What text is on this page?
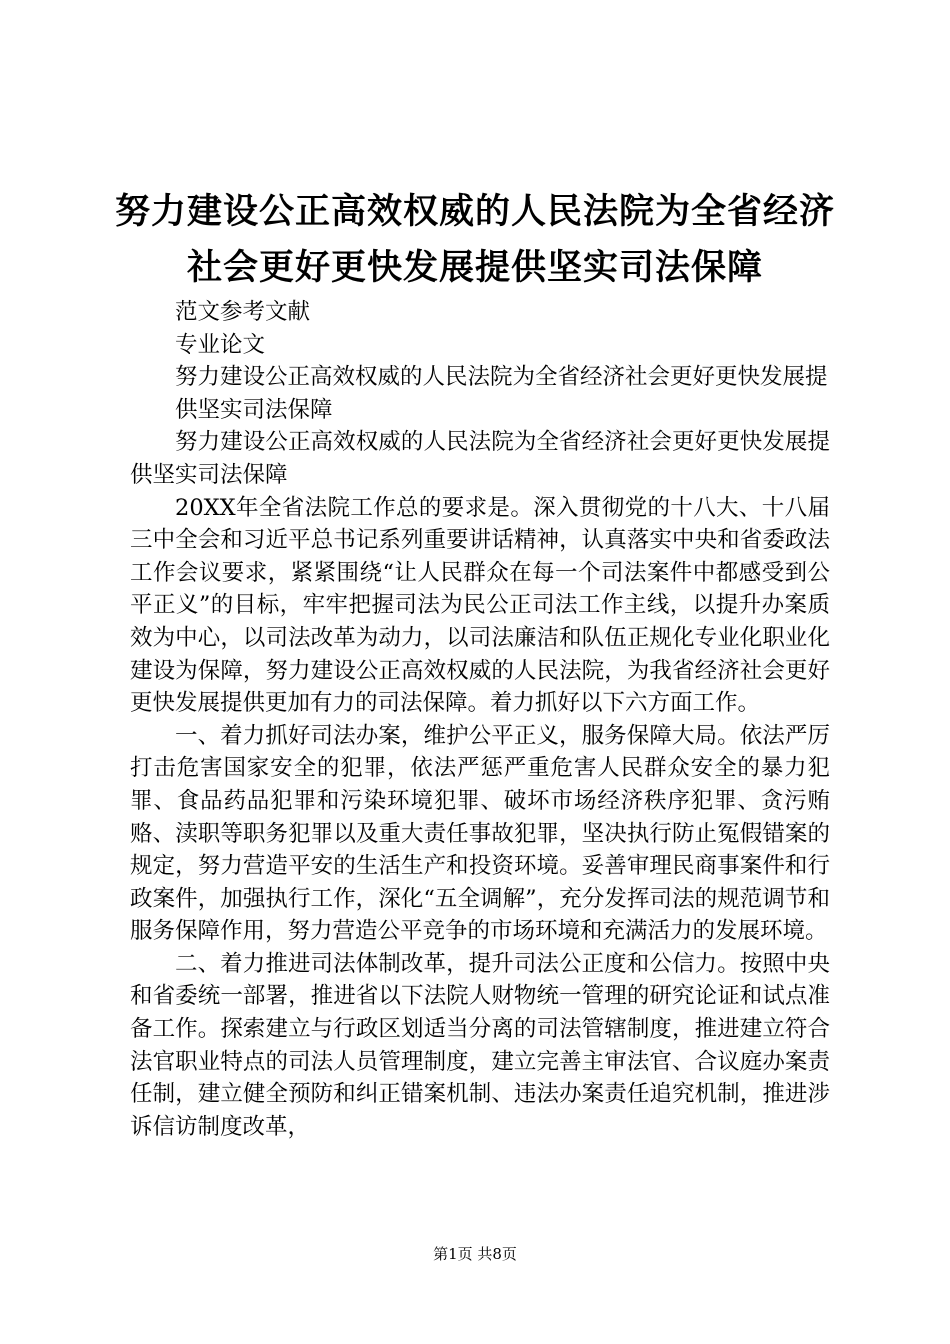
努力建设公正高效权威的人民法院为全省经济
社会更好更快发展提供坚实司法保障

范文参考文献

专业论文

努力建设公正高效权威的人民法院为全省经济社会更好更快发展提

供坚实司法保障

努力建设公正高效权威的人民法院为全省经济社会更好更快发展提供坚实司法保障

20XX年全省法院工作总的要求是。深入贯彻党的十八大、十八届三中全会和习近平总书记系列重要讲话精神，认真落实中央和省委政法工作会议要求，紧紧围绕“让人民群众在每一个司法案件中都感受到公平正义”的目标，牢牢把握司法为民公正司法工作主线，以提升办案质效为中心，以司法改革为动力，以司法廉洁和队伍正规化专业化职业化建设为保障，努力建设公正高效权威的人民法院，为我省经济社会更好更快发展提供更加有力的司法保障。着力抓好以下六方面工作。

一、着力抓好司法办案，维护公平正义，服务保障大局。依法严厉打击危害国家安全的犯罪，依法严惩严重危害人民群众安全的暴力犯罪、食品药品犯罪和污染环境犯罪、破坏市场经济秩序犯罪、贪污贿赂、渎职等职务犯罪以及重大责任事故犯罪，坚决执行防止冤假错案的规定，努力营造平安的生活生产和投资环境。妥善审理民商事案件和行政案件，加强执行工作，深化“五全调解”，充分发挥司法的规范调节和服务保障作用，努力营造公平竞争的市场环境和充满活力的发展环境。

二、着力推进司法体制改革，提升司法公正度和公信力。按照中央和省委统一部署，推进省以下法院人财物统一管理的研究论证和试点准备工作。探索建立与行政区划适当分离的司法管辖制度，推进建立符合法官职业特点的司法人员管理制度，建立完善主审法官、合议庭办案责任制，建立健全预防和纠正错案机制、违法办案责任追究机制，推进涉诉信访制度改革，

第1页 共8页
